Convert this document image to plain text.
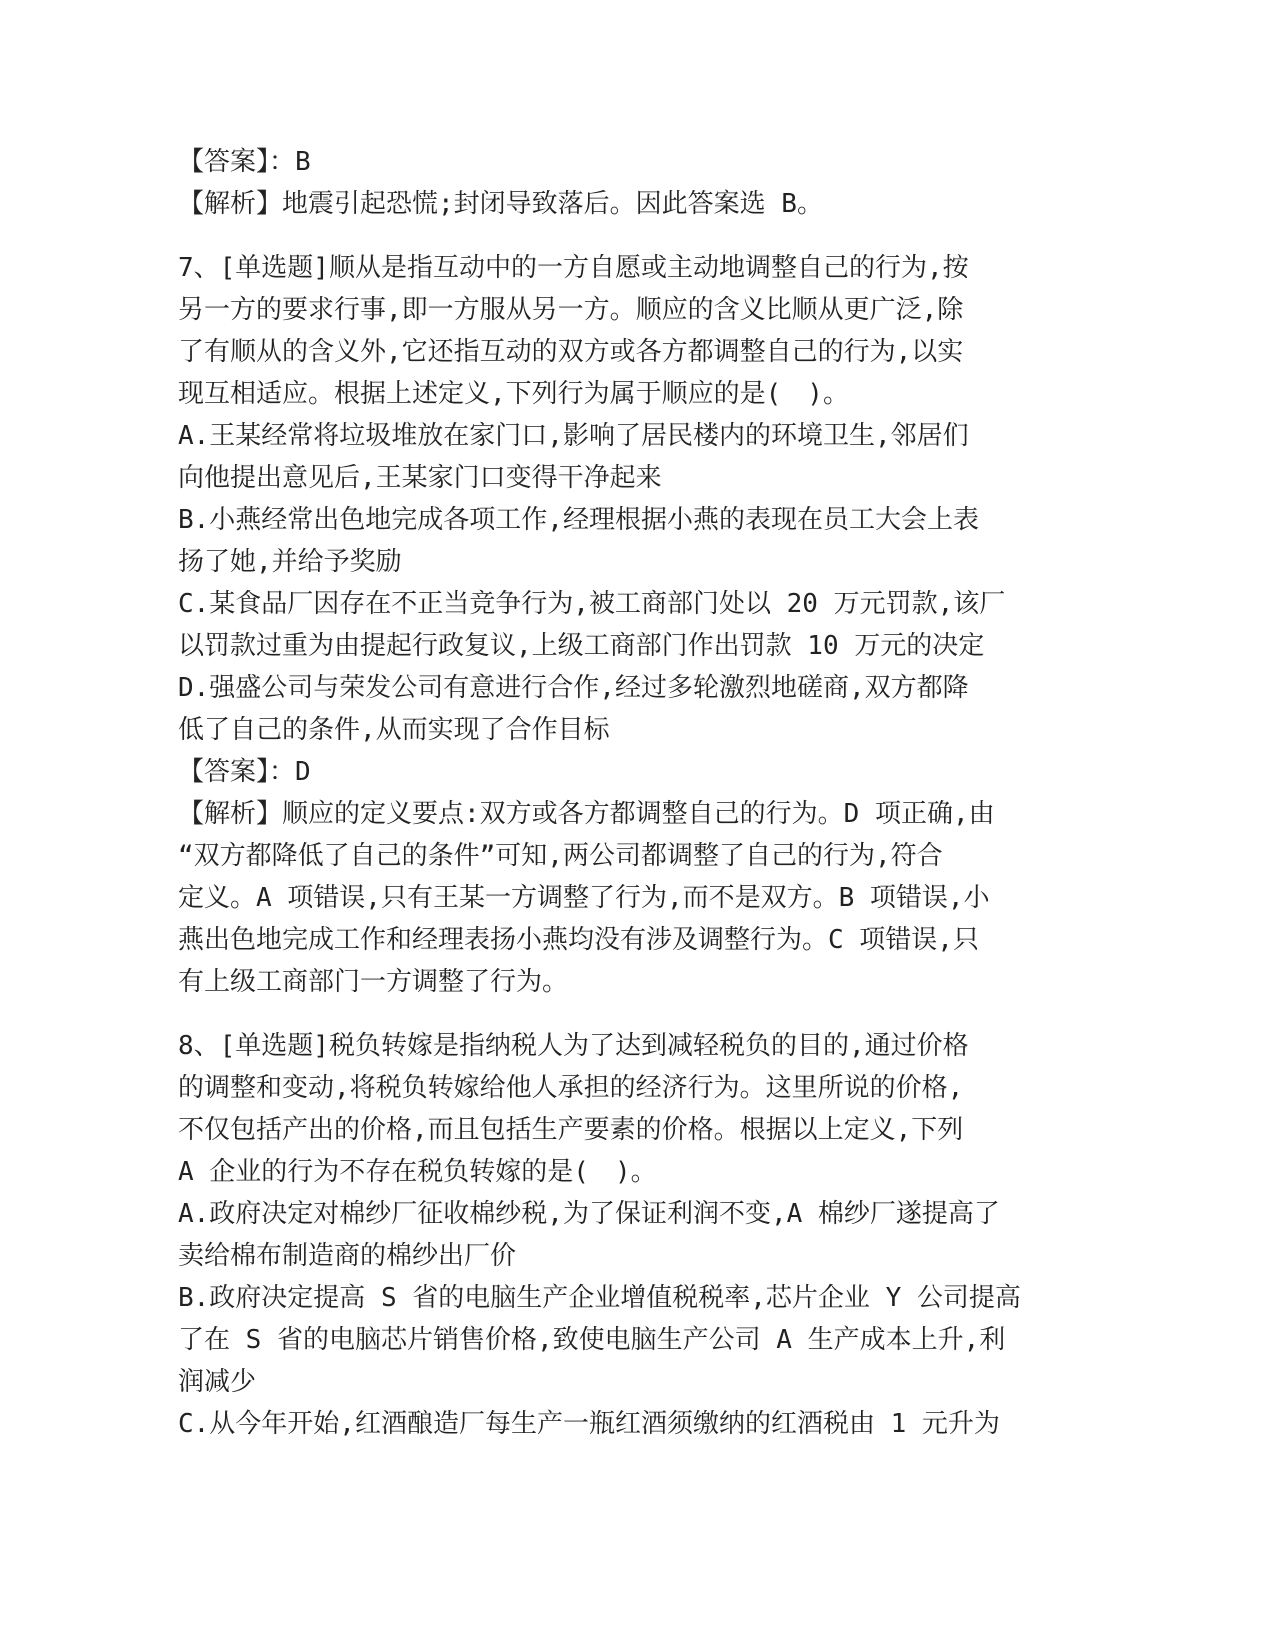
【答案】：B
【解析】地震引起恐慌;封闭导致落后。因此答案选 B。
7、[单选题]顺从是指互动中的一方自愿或主动地调整自己的行为,按
另一方的要求行事,即一方服从另一方。顺应的含义比顺从更广泛,除
了有顺从的含义外,它还指互动的双方或各方都调整自己的行为,以实
现互相适应。根据上述定义,下列行为属于顺应的是(　)。
A.王某经常将垃圾堆放在家门口,影响了居民楼内的环境卫生,邻居们
向他提出意见后,王某家门口变得干净起来
B.小燕经常出色地完成各项工作,经理根据小燕的表现在员工大会上表
扬了她,并给予奖励
C.某食品厂因存在不正当竞争行为,被工商部门处以 20 万元罚款,该厂
以罚款过重为由提起行政复议,上级工商部门作出罚款 10 万元的决定
D.强盛公司与荣发公司有意进行合作,经过多轮激烈地磋商,双方都降
低了自己的条件,从而实现了合作目标
【答案】：D
【解析】顺应的定义要点:双方或各方都调整自己的行为。D 项正确,由
“双方都降低了自己的条件”可知,两公司都调整了自己的行为,符合
定义。A 项错误,只有王某一方调整了行为,而不是双方。B 项错误,小
燕出色地完成工作和经理表扬小燕均没有涉及调整行为。C 项错误,只
有上级工商部门一方调整了行为。
8、[单选题]税负转嫁是指纳税人为了达到减轻税负的目的,通过价格
的调整和变动,将税负转嫁给他人承担的经济行为。这里所说的价格,
不仅包括产出的价格,而且包括生产要素的价格。根据以上定义,下列
A 企业的行为不存在税负转嫁的是(　)。
A.政府决定对棉纱厂征收棉纱税,为了保证利润不变,A 棉纱厂遂提高了
卖给棉布制造商的棉纱出厂价
B.政府决定提高 S 省的电脑生产企业增值税税率,芯片企业 Y 公司提高
了在 S 省的电脑芯片销售价格,致使电脑生产公司 A 生产成本上升,利
润减少
C.从今年开始,红酒酿造厂每生产一瓶红酒须缴纳的红酒税由 1 元升为
